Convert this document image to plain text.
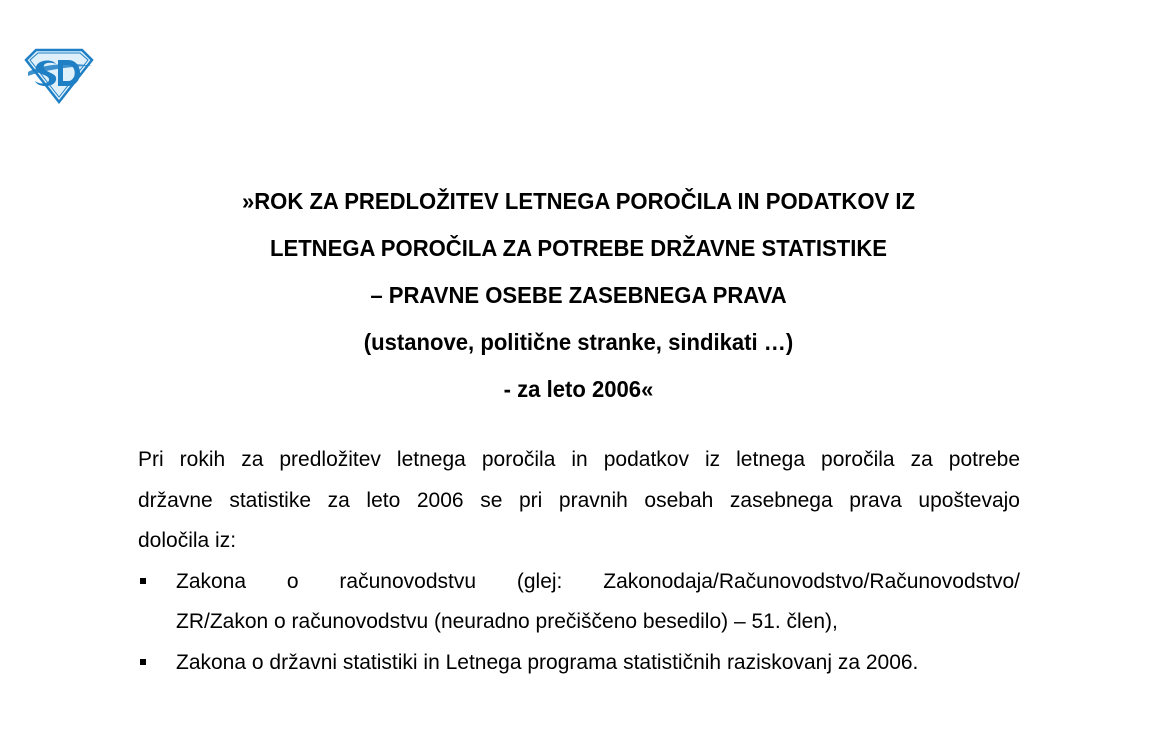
»ROK ZA PREDLOŽITEV LETNEGA POROČILA IN PODATKOV IZ
LETNEGA POROČILA ZA POTREBE DRŽAVNE STATISTIKE
– PRAVNE OSEBE ZASEBNEGA PRAVA
(ustanove, politične stranke, sindikati …)
- za leto 2006«

Pri rokih za predložitev letnega poročila in podatkov iz letnega poročila za potrebe
državne statistike za leto 2006 se pri pravnih osebah zasebnega prava upoštevajo
določila iz:

Zakona o računovodstvu (glej: Zakonodaja/Računovodstvo/Računovodstvo/
ZR/Zakon o računovodstvu (neuradno prečiščeno besedilo) – 51. člen),
Zakona o državni statistiki in Letnega programa statističnih raziskovanj za 2006.
